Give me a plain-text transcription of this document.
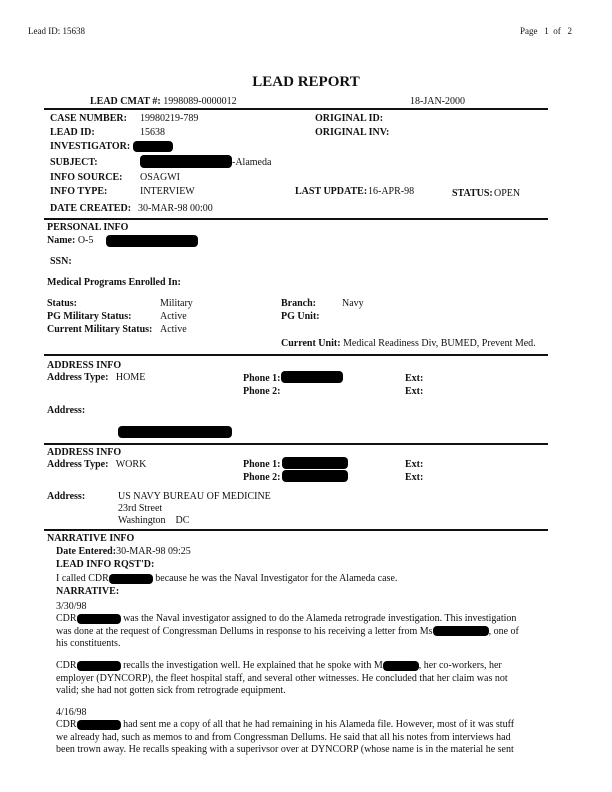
Lead ID: 15638	Page 1 of 2
LEAD REPORT
LEAD CMAT #: 1998089-0000012	18-JAN-2000
CASE NUMBER: 19980219-789
LEAD ID:	15638
INVESTIGATOR:
SUBJECT:	-Alameda
INFO SOURCE: OSAGWI
INFO TYPE:	INTERVIEW
DATE CREATED: 30-MAR-98 00:00
ORIGINAL ID:
ORIGINAL INV:
LAST UPDATE: 16-APR-98	STATUS: OPEN
PERSONAL INFO
Name: O-5
SSN:
Medical Programs Enrolled In:
Status:	Military
PG Military Status:	Active
Current Military Status: Active
Branch:	Navy
PG Unit:
Current Unit: Medical Readiness Div, BUMED, Prevent Med.
ADDRESS INFO
Address Type: HOME	Phone 1:
Phone 2:
Ext:
Ext:
Address:
ADDRESS INFO
Address Type: WORK	Phone 1:
Phone 2:
Ext:
Ext:
Address:	US NAVY BUREAU OF MEDICINE
23rd Street
Washington DC
NARRATIVE INFO
Date Entered:30-MAR-98 09:25
LEAD INFO RQST'D:
I called CDR	because he was the Naval Investigator for the Alameda case.
NARRATIVE:
3/30/98
CDR	was the Naval investigator assigned to do the Alameda retrograde investigation. This investigation was done at the request of Congressman Dellums in response to his receiving a letter from Ms	, one of his constituents.
CDR	recalls the investigation well. He explained that he spoke with M	, her co-workers, her employer (DYNCORP), the fleet hospital staff, and several other witnesses. He concluded that her claim was not valid; she had not gotten sick from retrograde equipment.
4/16/98
CDR	had sent me a copy of all that he had remaining in his Alameda file. However, most of it was stuff we already had, such as memos to and from Congressman Dellums. He said that all his notes from interviews had been trown away. He recalls speaking with a superivsor over at DYNCORP (whose name is in the material he sent
